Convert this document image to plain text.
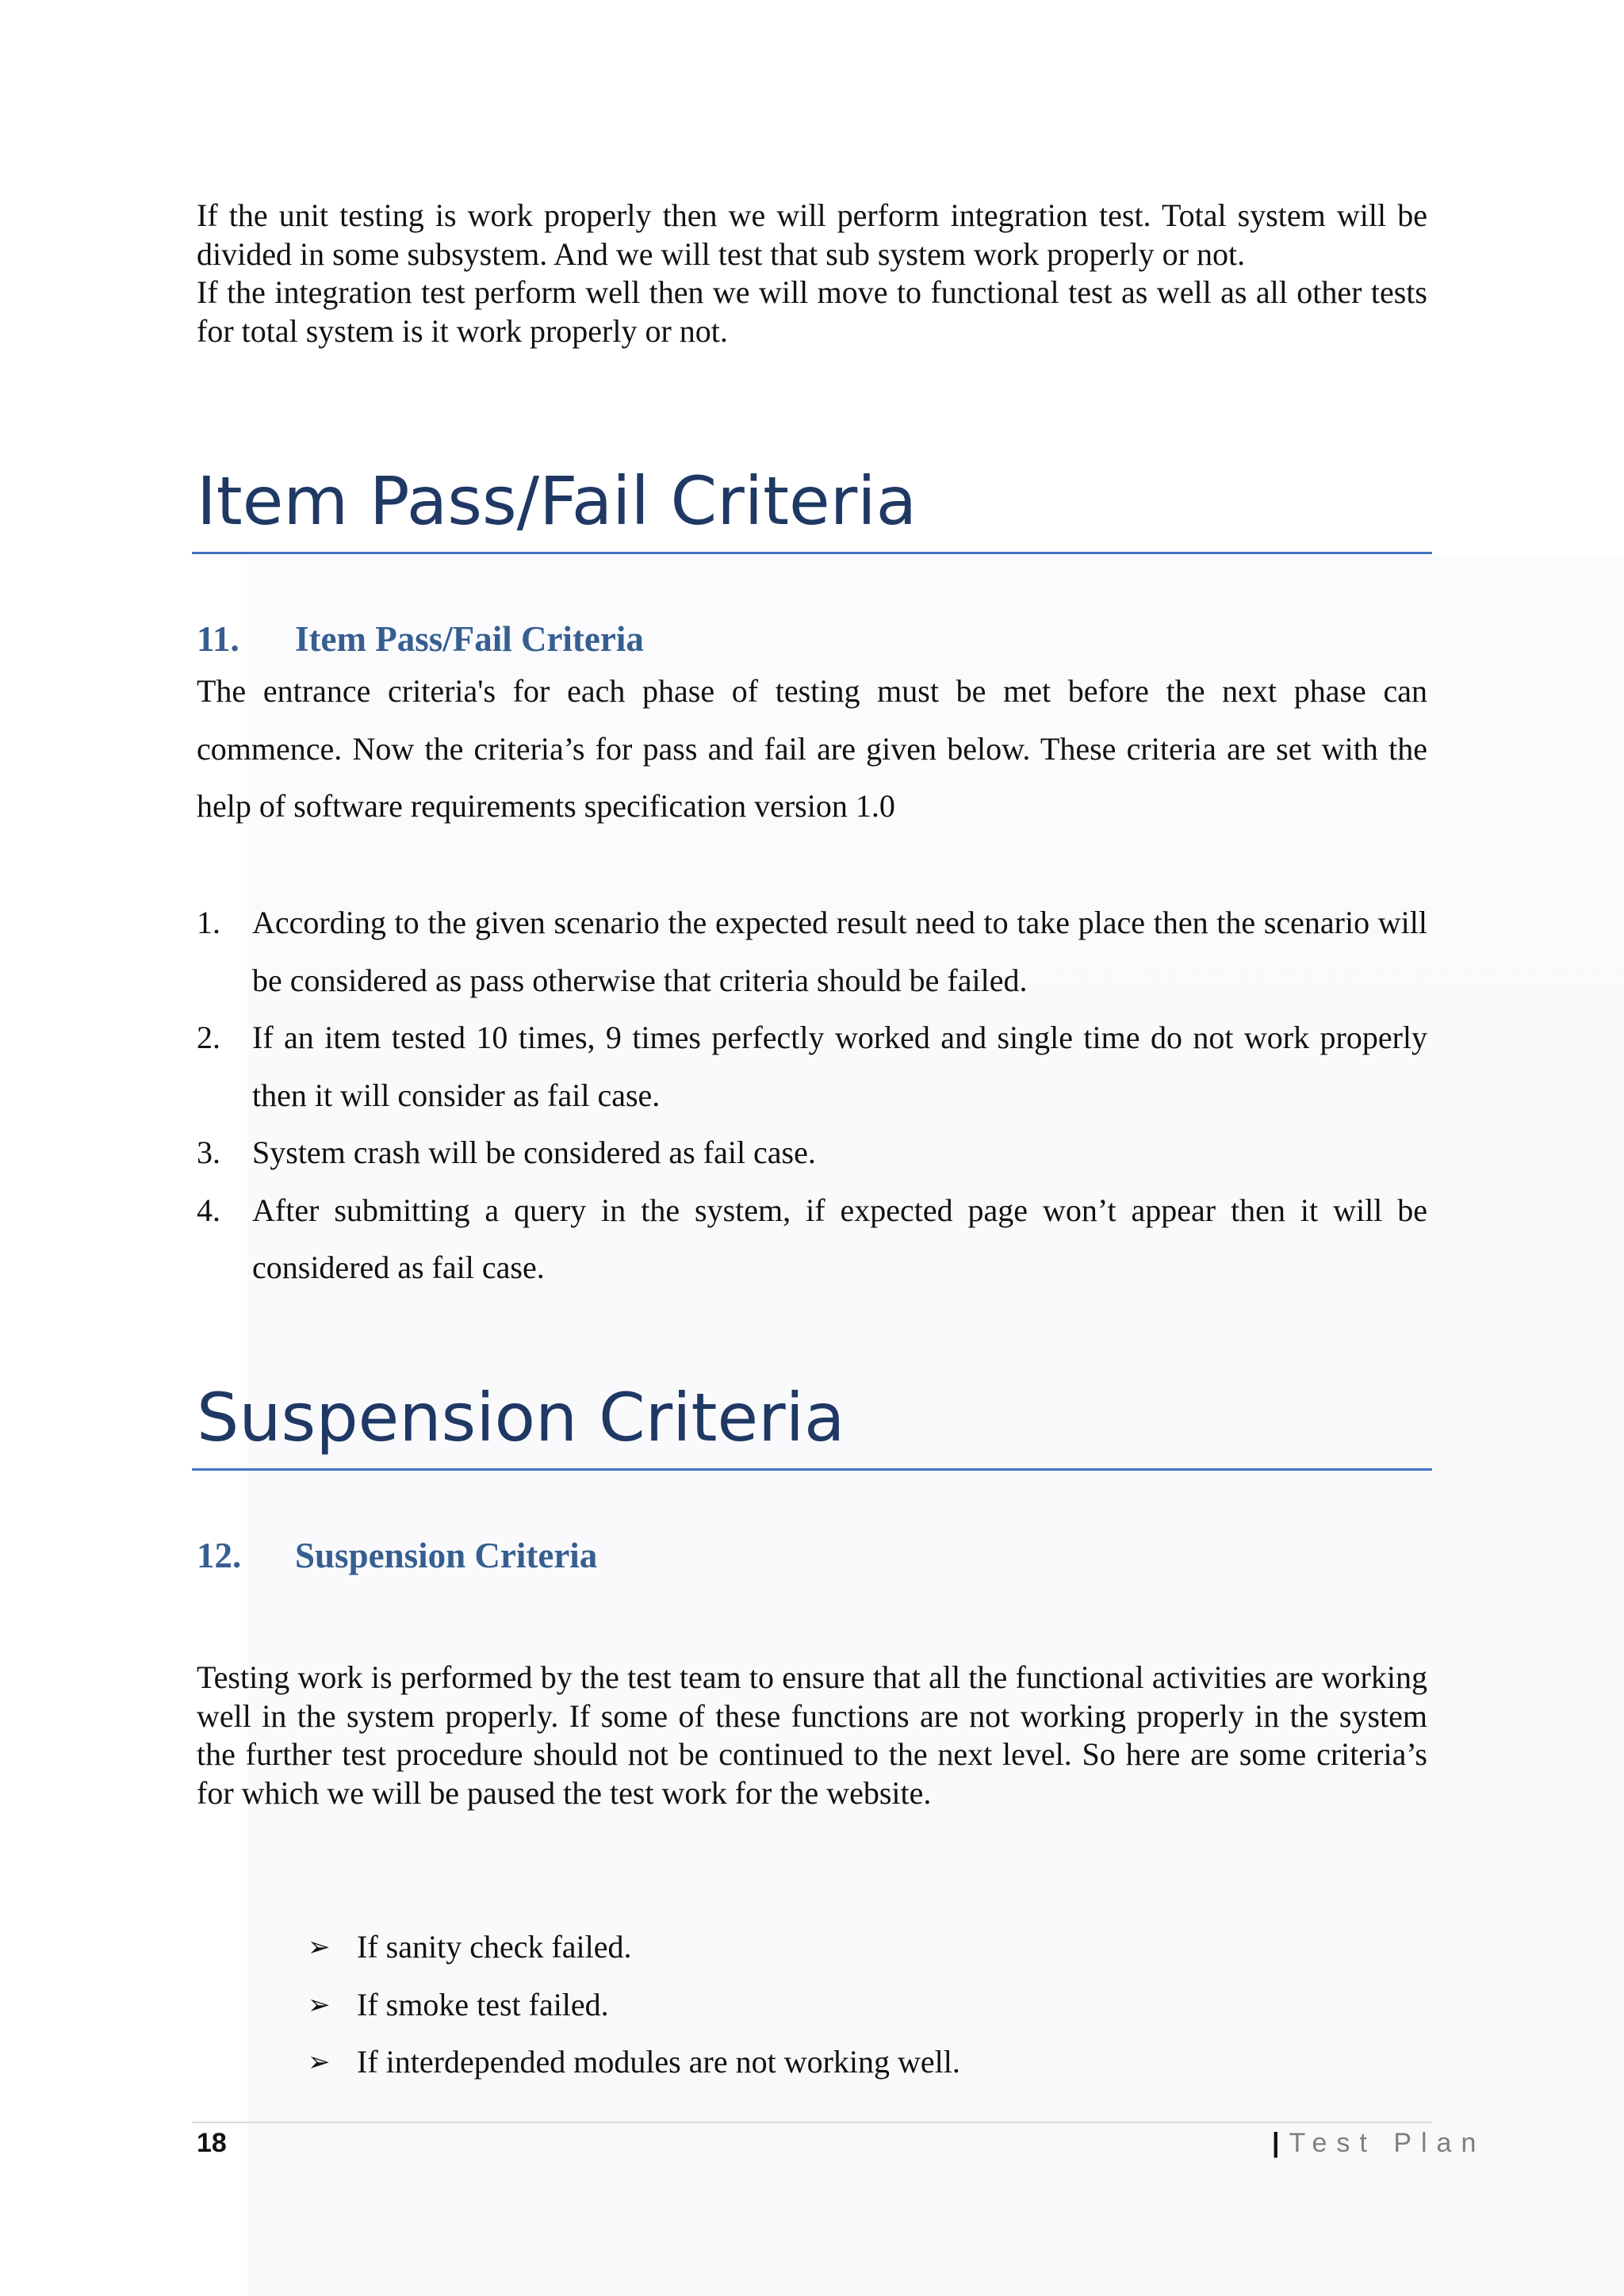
If the unit testing is work properly then we will perform integration test. Total system will be divided in some subsystem. And we will test that sub system work properly or not.

If the integration test perform well then we will move to functional test as well as all other tests for total system is it work properly or not.

Item Pass/Fail Criteria
11. Item Pass/Fail Criteria

The entrance criteria's for each phase of testing must be met before the next phase can commence. Now the criteria’s for pass and fail are given below. These criteria are set with the help of software requirements specification version 1.0

1. According to the given scenario the expected result need to take place then the scenario will be considered as pass otherwise that criteria should be failed.
2. If an item tested 10 times, 9 times perfectly worked and single time do not work properly then it will consider as fail case.
3. System crash will be considered as fail case.
4. After submitting a query in the system, if expected page won’t appear then it will be considered as fail case.
Suspension Criteria
12. Suspension Criteria

Testing work is performed by the test team to ensure that all the functional activities are working well in the system properly. If some of these functions are not working properly in the system the further test procedure should not be continued to the next level. So here are some criteria’s for which we will be paused the test work for the website.

➢ If sanity check failed.
➢ If smoke test failed.
➢ If interdepended modules are not working well.
18	| Test Plan
